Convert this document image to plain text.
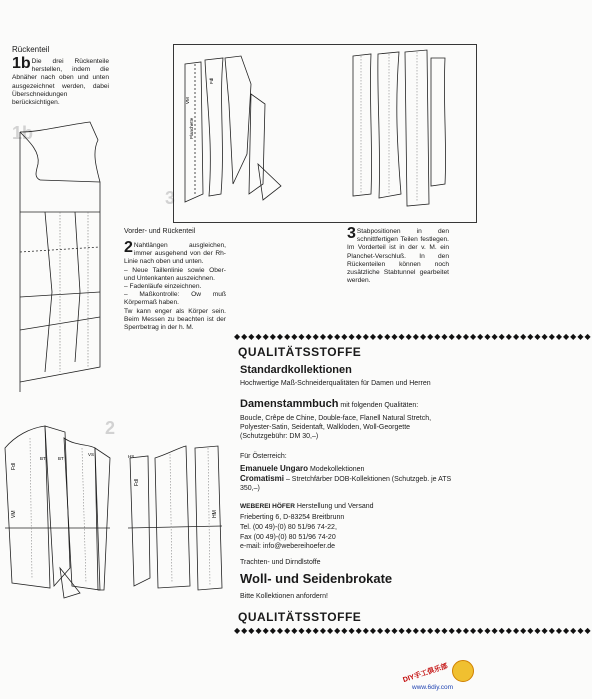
Rückenteil
1b Die drei Rückenteile herstellen, indem die Abnäher nach oben und unten ausgezeichnet werden, dabei Überschneidungen berücksichtigen.
1b
3
2
Planchette
Fdl
VM
Vorder- und Rückenteil
2 Nahtlängen ausgleichen, immer ausgehend von der Rh-Linie nach oben und unten.
– Neue Taillenlinie sowie Ober- und Untenkanten auszeichnen.
– Fadenläufe einzeichnen.
– Maßkontrolle: Ow muß Körpermaß haben.
Tw kann enger als Körper sein. Beim Messen zu beachten ist der Sperrbetrag in der h. M.
3 Stabpositionen in den schnittfertigen Teilen festlegen. Im Vorderteil ist in der v. M. ein Planchet-Verschluß. In den Rückenteilen können noch zusätzliche Stabtunnel gearbeitet werden.
Fdl
VM
BT	BT
VS	HS
Fdl
HM
◆◆◆◆◆◆◆◆◆◆◆◆◆◆◆◆◆◆◆◆◆◆◆◆◆◆◆◆◆◆◆◆◆◆◆◆◆◆◆◆◆◆◆◆◆◆◆◆◆◆
QUALITÄTSSTOFFE
Standardkollektionen
Hochwertige Maß-Schneiderqualitäten für Damen und Herren
Damenstammbuch mit folgenden Qualitäten:
Boucle, Crêpe de Chine, Double-face, Flanell Natural Stretch, Polyester-Satin, Seidentaft, Walkloden, Woll-Georgette (Schutzgebühr: DM 30,–)
Für Österreich:
Emanuele Ungaro Modekollektionen
Cromatismi – Stretchfärber DOB-Kollektionen (Schutzgeb. je ATS 350,–)
WEBEREI HÖFER Herstellung und Versand
Frieberting 6, D-83254 Breitbrunn
Tel. (00 49)-(0) 80 51/96 74-22,
Fax (00 49)-(0) 80 51/96 74-20
e-mail: info@webereihoefer.de
Trachten- und Dirndlstoffe
Woll- und Seidenbrokate
Bitte Kollektionen anfordern!
QUALITÄTSSTOFFE
◆◆◆◆◆◆◆◆◆◆◆◆◆◆◆◆◆◆◆◆◆◆◆◆◆◆◆◆◆◆◆◆◆◆◆◆◆◆◆◆◆◆◆◆◆◆◆◆◆◆
DIY手工俱乐部
www.6diy.com
